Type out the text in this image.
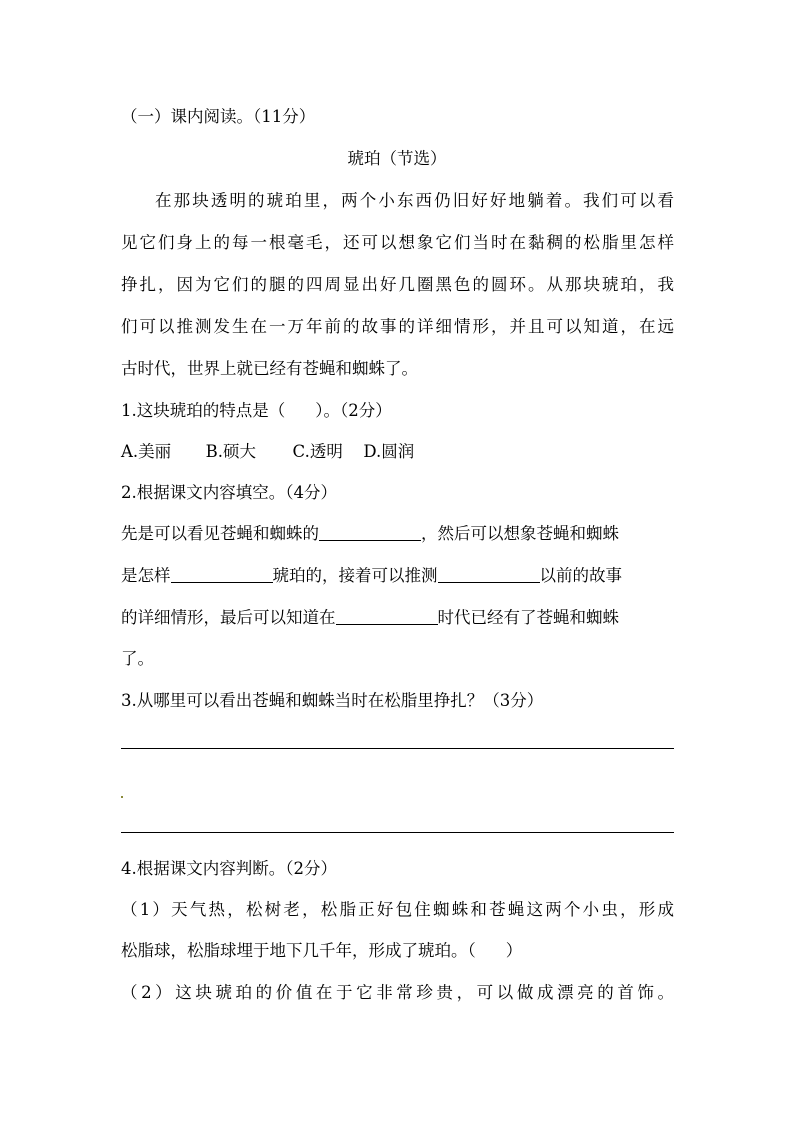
（一）课内阅读。（11分）
琥珀（节选）
在那块透明的琥珀里，两个小东西仍旧好好地躺着。我们可以看
见它们身上的每一根毫毛，还可以想象它们当时在黏稠的松脂里怎样
挣扎，因为它们的腿的四周显出好几圈黑色的圆环。从那块琥珀，我
们可以推测发生在一万年前的故事的详细情形，并且可以知道，在远
古时代，世界上就已经有苍蝇和蜘蛛了。
1.这块琥珀的特点是（ ）。（2分）
A.美丽 B.硕大 C.透明 D.圆润
2.根据课文内容填空。（4分）
先是可以看见苍蝇和蜘蛛的	，然后可以想象苍蝇和蜘蛛
是怎样	琥珀的，接着可以推测	以前的故事
的详细情形，最后可以知道在	时代已经有了苍蝇和蜘蛛
了。
3.从哪里可以看出苍蝇和蜘蛛当时在松脂里挣扎？（3分）
4.根据课文内容判断。（2分）
（1）天气热，松树老，松脂正好包住蜘蛛和苍蝇这两个小虫，形成
松脂球，松脂球埋于地下几千年，形成了琥珀。（ ）
（2）这块琥珀的价值在于它非常珍贵，可以做成漂亮的首饰。
